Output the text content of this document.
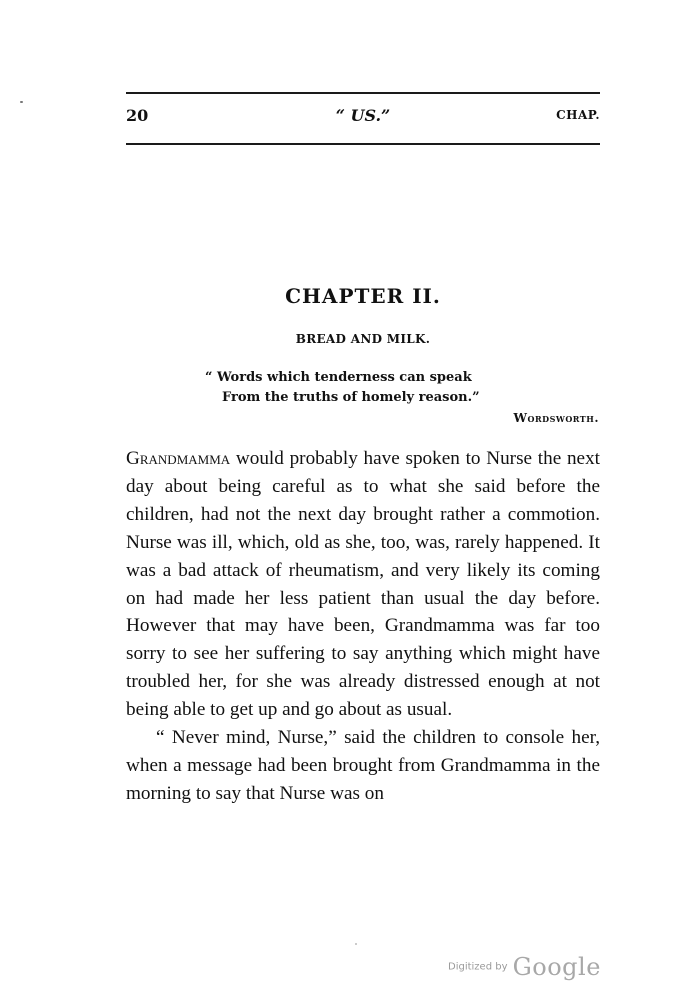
20	“ US.”	CHAP.
CHAPTER II.
BREAD AND MILK.
“ Words which tenderness can speak
From the truths of homely reason.”
Wordsworth.

Grandmamma would probably have spoken to Nurse the next day about being careful as to what she said before the children, had not the next day brought rather a commotion. Nurse was ill, which, old as she, too, was, rarely happened. It was a bad attack of rheumatism, and very likely its coming on had made her less patient than usual the day before. However that may have been, Grandmamma was far too sorry to see her suffering to say anything which might have troubled her, for she was already distressed enough at not being able to get up and go about as usual.

“ Never mind, Nurse,” said the children to console her, when a message had been brought from Grandmamma in the morning to say that Nurse was on

Digitized by Google
